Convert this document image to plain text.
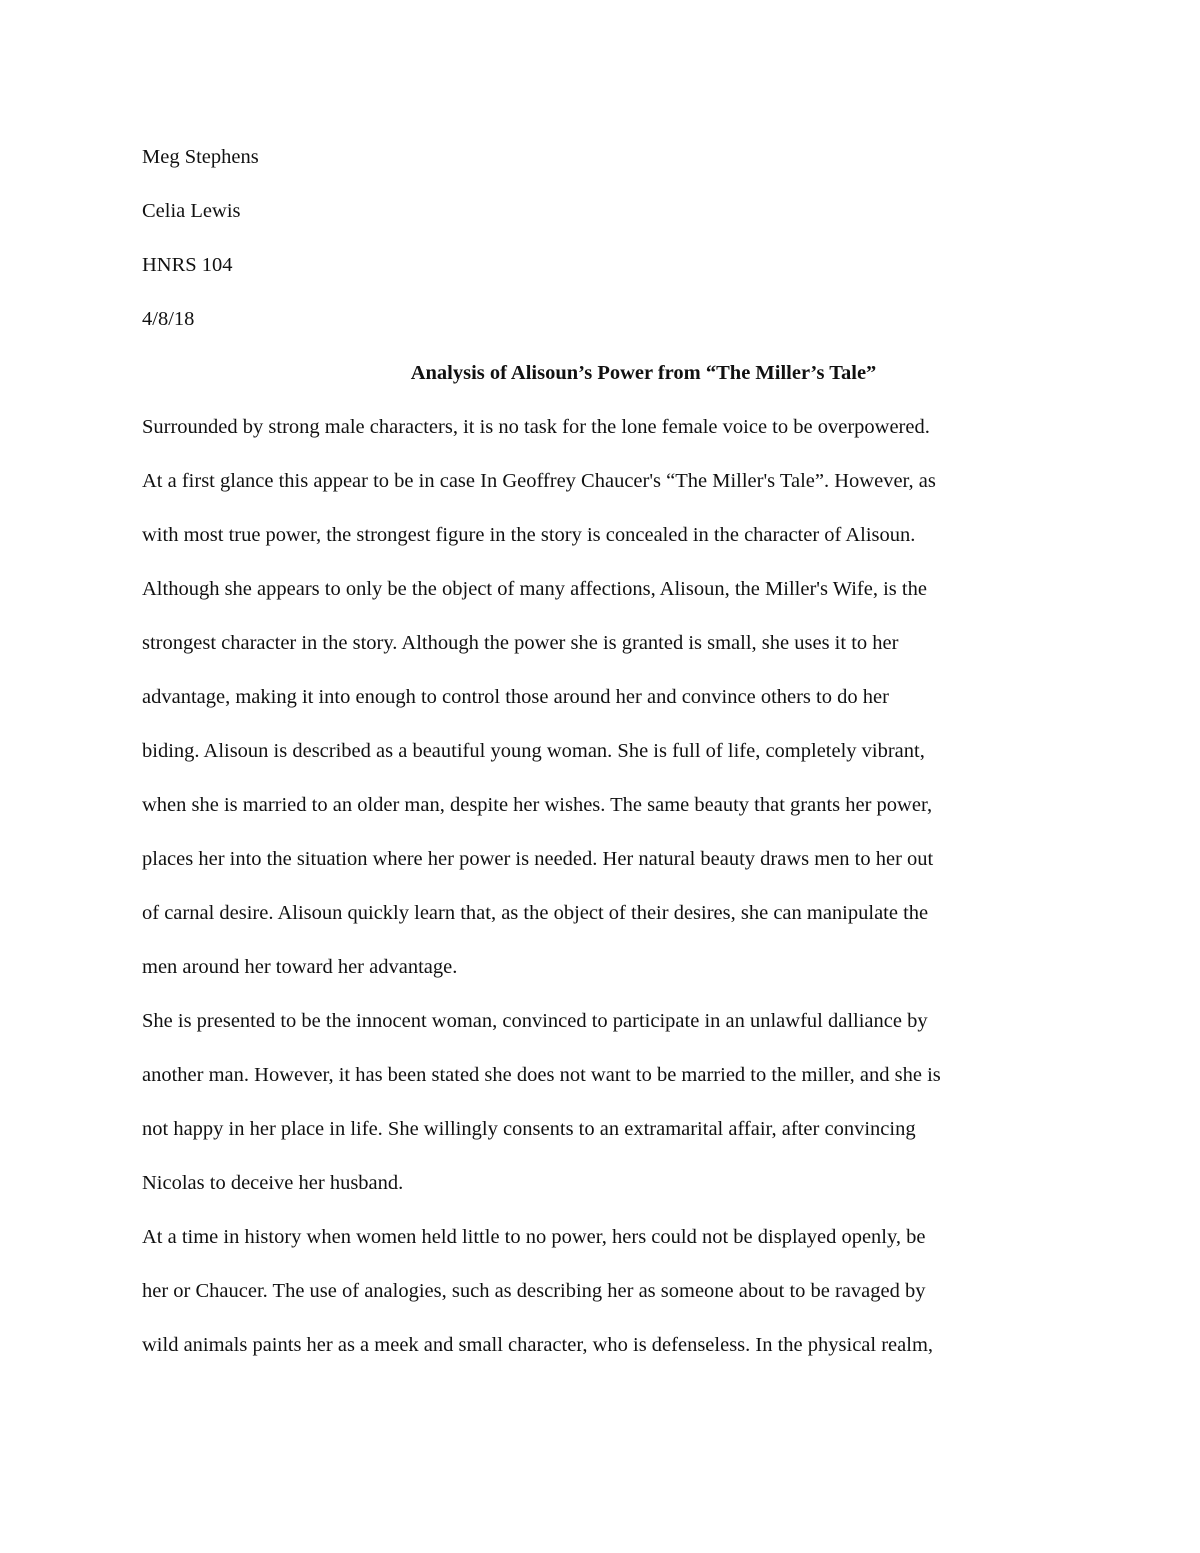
Meg Stephens
Celia Lewis
HNRS 104
4/8/18
Analysis of Alisoun’s Power from “The Miller’s Tale”
Surrounded by strong male characters, it is no task for the lone female voice to be overpowered.
At a first glance this appear to be in case In Geoffrey Chaucer's “The Miller's Tale”. However, as
with most true power, the strongest figure in the story is concealed in the character of Alisoun.
Although she appears to only be the object of many affections, Alisoun, the Miller's Wife, is the
strongest character in the story. Although the power she is granted is small, she uses it to her
advantage, making it into enough to control those around her and convince others to do her
biding. Alisoun is described as a beautiful young woman. She is full of life, completely vibrant,
when she is married to an older man, despite her wishes. The same beauty that grants her power,
places her into the situation where her power is needed. Her natural beauty draws men to her out
of carnal desire. Alisoun quickly learn that, as the object of their desires, she can manipulate the
men around her toward her advantage.
She is presented to be the innocent woman, convinced to participate in an unlawful dalliance by
another man. However, it has been stated she does not want to be married to the miller, and she is
not happy in her place in life. She willingly consents to an extramarital affair, after convincing
Nicolas to deceive her husband.
At a time in history when women held little to no power, hers could not be displayed openly, be
her or Chaucer. The use of analogies, such as describing her as someone about to be ravaged by
wild animals paints her as a meek and small character, who is defenseless. In the physical realm,
